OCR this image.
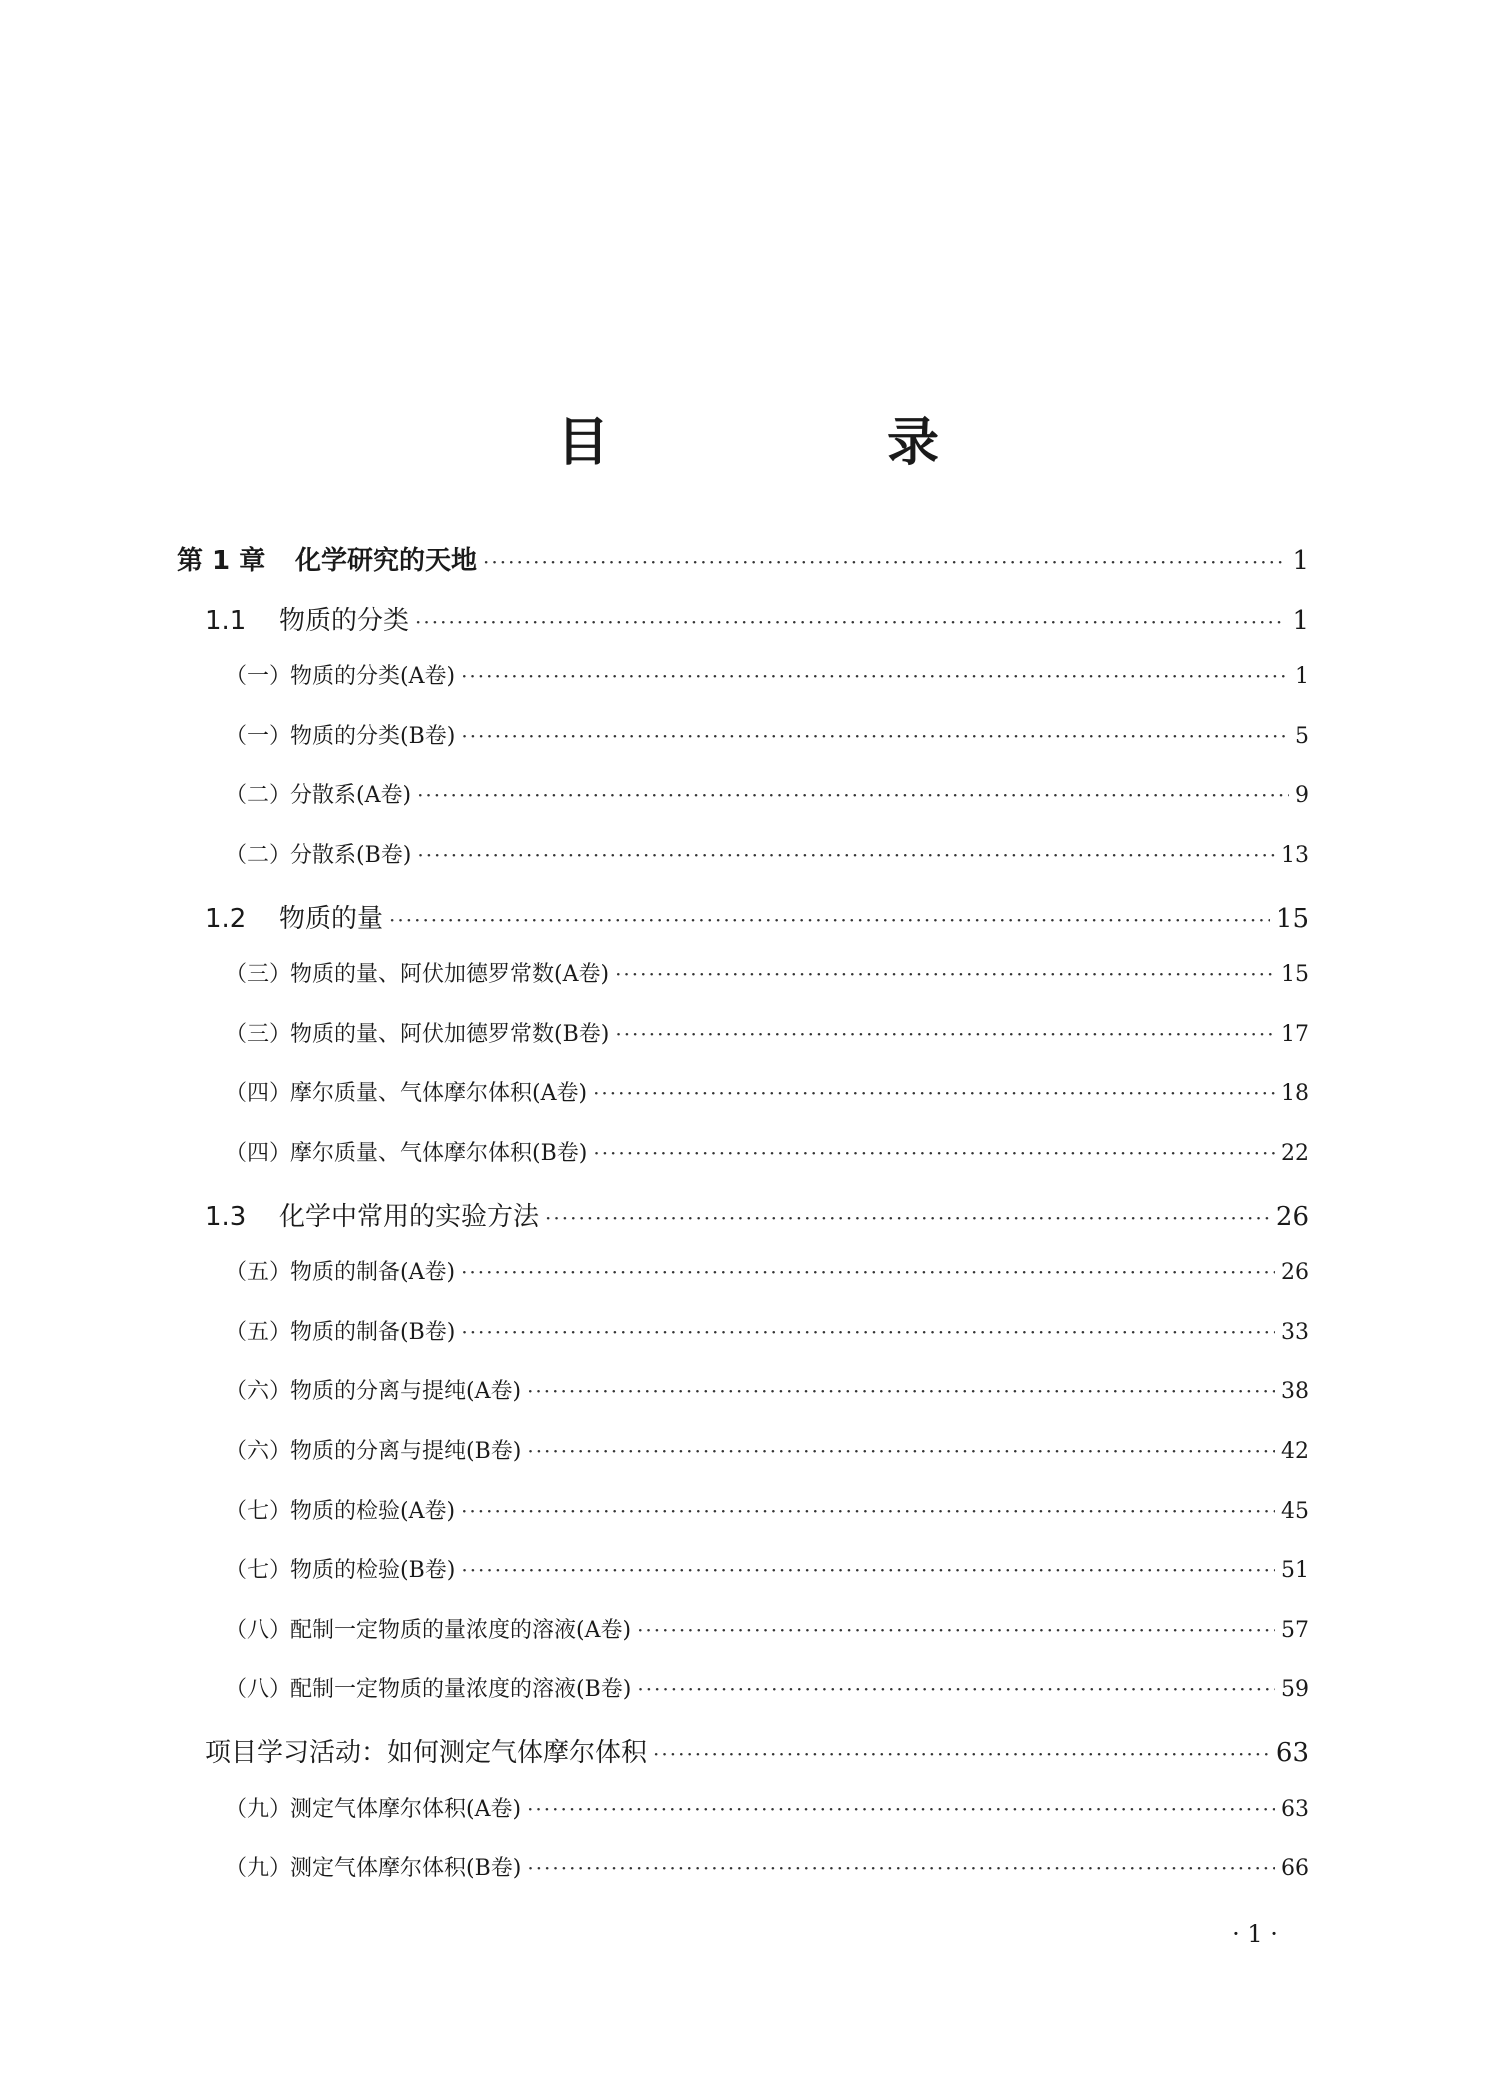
目 录
第 1 章 化学研究的天地 ·····	1
1.1 物质的分类 ·····	1
（一）物质的分类(A卷) ·····	1
（一）物质的分类(B卷) ·····	5
（二）分散系(A卷) ·····	9
（二）分散系(B卷) ·····	13
1.2 物质的量 ·····	15
（三）物质的量、阿伏加德罗常数(A卷) ·····	15
（三）物质的量、阿伏加德罗常数(B卷) ·····	17
（四）摩尔质量、气体摩尔体积(A卷) ·····	18
（四）摩尔质量、气体摩尔体积(B卷) ·····	22
1.3 化学中常用的实验方法 ·····	26
（五）物质的制备(A卷) ·····	26
（五）物质的制备(B卷) ·····	33
（六）物质的分离与提纯(A卷) ·····	38
（六）物质的分离与提纯(B卷) ·····	42
（七）物质的检验(A卷) ·····	45
（七）物质的检验(B卷) ·····	51
（八）配制一定物质的量浓度的溶液(A卷) ·····	57
（八）配制一定物质的量浓度的溶液(B卷) ·····	59
项目学习活动：如何测定气体摩尔体积 ·····	63
（九）测定气体摩尔体积(A卷) ·····	63
（九）测定气体摩尔体积(B卷) ·····	66
· 1 ·
